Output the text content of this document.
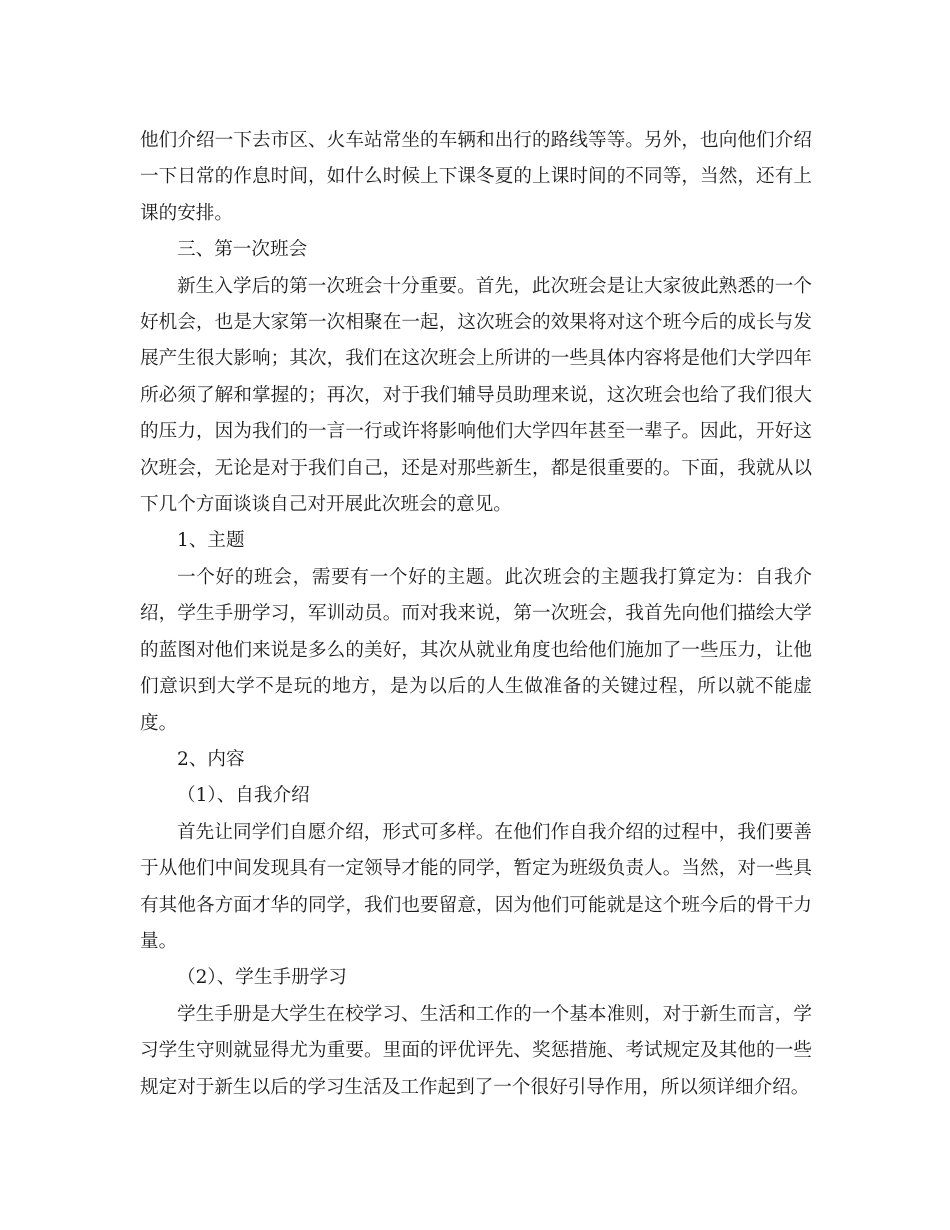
他们介绍一下去市区、火车站常坐的车辆和出行的路线等等。另外，也向他们介绍一下日常的作息时间，如什么时候上下课冬夏的上课时间的不同等，当然，还有上课的安排。

三、第一次班会

新生入学后的第一次班会十分重要。首先，此次班会是让大家彼此熟悉的一个好机会，也是大家第一次相聚在一起，这次班会的效果将对这个班今后的成长与发展产生很大影响；其次，我们在这次班会上所讲的一些具体内容将是他们大学四年所必须了解和掌握的；再次，对于我们辅导员助理来说，这次班会也给了我们很大的压力，因为我们的一言一行或许将影响他们大学四年甚至一辈子。因此，开好这次班会，无论是对于我们自己，还是对那些新生，都是很重要的。下面，我就从以下几个方面谈谈自己对开展此次班会的意见。

1、主题

一个好的班会，需要有一个好的主题。此次班会的主题我打算定为：自我介绍，学生手册学习，军训动员。而对我来说，第一次班会，我首先向他们描绘大学的蓝图对他们来说是多么的美好，其次从就业角度也给他们施加了一些压力，让他们意识到大学不是玩的地方，是为以后的人生做准备的关键过程，所以就不能虚度。

2、内容

（1）、自我介绍

首先让同学们自愿介绍，形式可多样。在他们作自我介绍的过程中，我们要善于从他们中间发现具有一定领导才能的同学，暂定为班级负责人。当然，对一些具有其他各方面才华的同学，我们也要留意，因为他们可能就是这个班今后的骨干力量。

（2）、学生手册学习

学生手册是大学生在校学习、生活和工作的一个基本准则，对于新生而言，学习学生守则就显得尤为重要。里面的评优评先、奖惩措施、考试规定及其他的一些规定对于新生以后的学习生活及工作起到了一个很好引导作用，所以须详细介绍。
